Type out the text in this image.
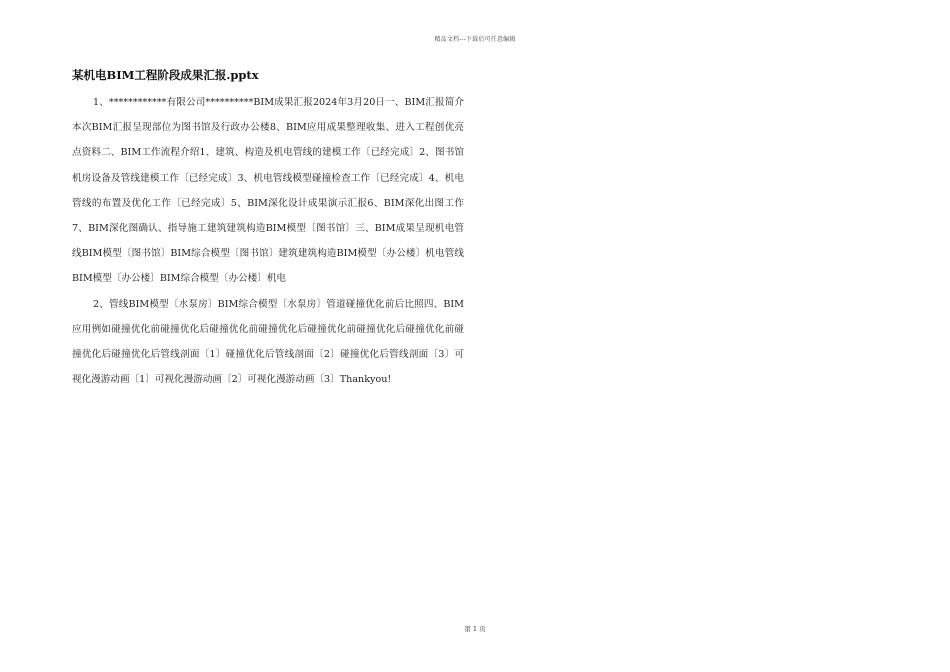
精品文档---下载后可任意编辑
某机电BIM工程阶段成果汇报.pptx

1、************有限公司**********BIM成果汇报2024年3月20日一、BIM汇报简介本次BIM汇报呈现部位为图书馆及行政办公楼8、BIM应用成果整理收集、进入工程创优亮点资料二、BIM工作流程介绍1、建筑、构造及机电管线的建模工作〔已经完成〕2、图书馆机房设备及管线建模工作〔已经完成〕3、机电管线模型碰撞检查工作〔已经完成〕4、机电管线的布置及优化工作〔已经完成〕5、BIM深化设计成果演示汇报6、BIM深化出图工作7、BIM深化图确认、指导施工建筑建筑构造BIM模型〔图书馆〕三、BIM成果呈现机电管线BIM模型〔图书馆〕BIM综合模型〔图书馆〕建筑建筑构造BIM模型〔办公楼〕机电管线BIM模型〔办公楼〕BIM综合模型〔办公楼〕机电

2、管线BIM模型〔水泵房〕BIM综合模型〔水泵房〕管道碰撞优化前后比照四、BIM应用例如碰撞优化前碰撞优化后碰撞优化前碰撞优化后碰撞优化前碰撞优化后碰撞优化前碰撞优化后碰撞优化后管线剖面〔1〕碰撞优化后管线剖面〔2〕碰撞优化后管线剖面〔3〕可视化漫游动画〔1〕可视化漫游动画〔2〕可视化漫游动画〔3〕Thankyou!

第 1 页
